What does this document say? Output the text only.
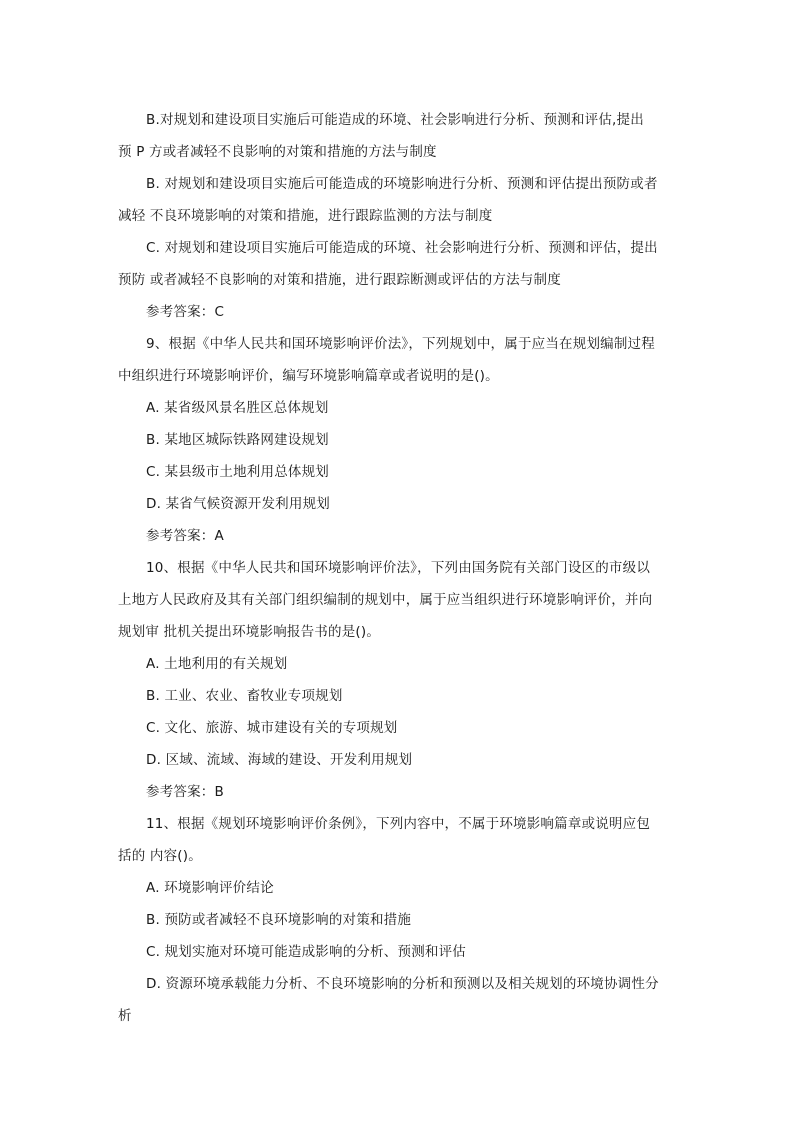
B.对规划和建设项目实施后可能造成的环境、社会影响进行分析、预测和评估,提出
预 P 方或者减轻不良影响的对策和措施的方法与制度
B. 对规划和建设项目实施后可能造成的环境影响进行分析、预测和评估提出预防或者
减轻 不良环境影响的对策和措施，进行跟踪监测的方法与制度
C. 对规划和建设项目实施后可能造成的环境、社会影响进行分析、预测和评估，提出
预防 或者减轻不良影响的对策和措施，进行跟踪断测或评估的方法与制度
参考答案：C
9、根据《中华人民共和国环境影响评价法》，下列规划中，属于应当在规划编制过程
中组织进行环境影响评价，编写环境影响篇章或者说明的是()。
A. 某省级风景名胜区总体规划
B. 某地区城际铁路网建设规划
C. 某县级市土地利用总体规划
D. 某省气候资源开发利用规划
参考答案：A
10、根据《中华人民共和国环境影响评价法》，下列由国务院有关部门设区的市级以
上地方人民政府及其有关部门组织编制的规划中，属于应当组织进行环境影响评价，并向
规划审 批机关提出环境影响报告书的是()。
A. 土地利用的有关规划
B. 工业、农业、畜牧业专项规划
C. 文化、旅游、城市建设有关的专项规划
D. 区域、流域、海域的建设、开发利用规划
参考答案：B
11、根据《规划环境影响评价条例》，下列内容中，不属于环境影响篇章或说明应包
括的 内容()。
A. 环境影响评价结论
B. 预防或者减轻不良环境影响的对策和措施
C. 规划实施对环境可能造成影响的分析、预测和评估
D. 资源环境承载能力分析、不良环境影响的分析和预测以及相关规划的环境协调性分
析
